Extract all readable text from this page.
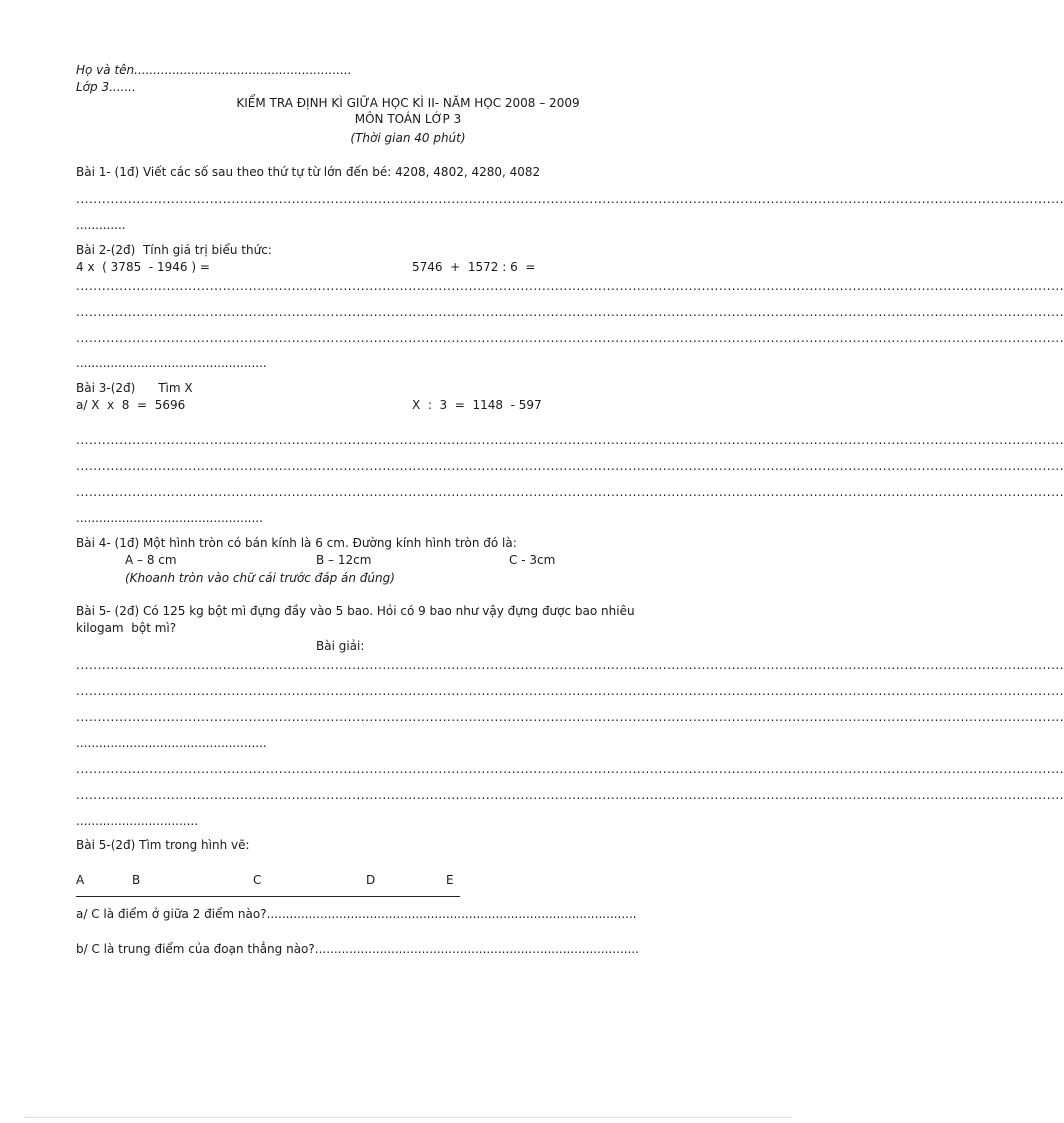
Họ và tên.........................................................
Lớp 3.......
KIỂM TRA ĐỊNH KÌ GIỮA HỌC KÌ II- NĂM HỌC 2008 – 2009
MÔN TOÁN LỚP 3
(Thời gian 40 phút)
Bài 1- (1đ) Viết các số sau theo thứ tự từ lớn đến bé: 4208, 4802, 4280, 4082
.....................................................................................................................................................................................................................................
.............
Bài 2-(2đ)  Tính giá trị biểu thức:
4 x  ( 3785  - 1946 ) =	5746  +  1572 : 6  =
.....................................................................................................................................................................................................................................
.....................................................................................................................................................................................................................................
.....................................................................................................................................................................................................................................
..................................................
Bài 3-(2đ)      Tìm X
a/ X  x  8  =  5696	X  :  3  =  1148  - 597
.....................................................................................................................................................................................................................................
.....................................................................................................................................................................................................................................
.....................................................................................................................................................................................................................................
.................................................
Bài 4- (1đ) Một hình tròn có bán kính là 6 cm. Đường kính hình tròn đó là:
A – 8 cm	B – 12cm	C - 3cm
(Khoanh tròn vào chữ cái trước đáp án đúng)
Bài 5- (2đ) Có 125 kg bột mì đựng đầy vào 5 bao. Hỏi có 9 bao như vậy đựng được bao nhiêu
kilogam  bột mì?
Bài giải:
.....................................................................................................................................................................................................................................
.....................................................................................................................................................................................................................................
.....................................................................................................................................................................................................................................
..................................................
.....................................................................................................................................................................................................................................
.....................................................................................................................................................................................................................................
................................
Bài 5-(2đ) Tìm trong hình vẽ:
A	B	C	D	E
a/ C là điểm ở giữa 2 điểm nào?.................................................................................................
b/ C là trung điểm của đoạn thẳng nào?.....................................................................................
